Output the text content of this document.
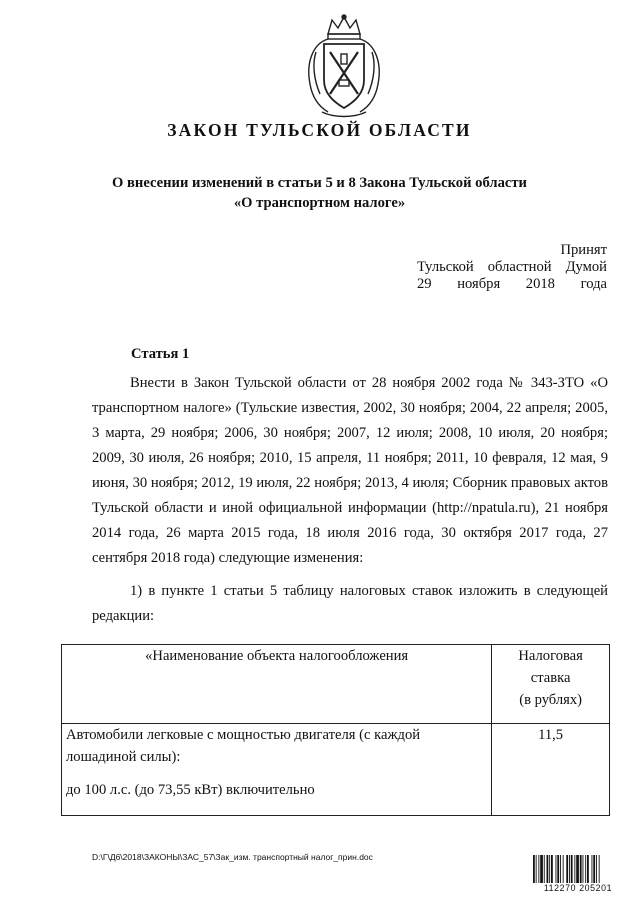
ЗАКОН ТУЛЬСКОЙ ОБЛАСТИ
О внесении изменений в статьи 5 и 8 Закона Тульской области
«О транспортном налоге»
Принят
Тульской областной Думой
29 ноября 2018 года
Статья 1
Внести в Закон Тульской области от 28 ноября 2002 года № 343-ЗТО «О транспортном налоге» (Тульские известия, 2002, 30 ноября; 2004, 22 апреля; 2005, 3 марта, 29 ноября; 2006, 30 ноября; 2007, 12 июля; 2008, 10 июля, 20 ноября; 2009, 30 июля, 26 ноября; 2010, 15 апреля, 11 ноября; 2011, 10 февраля, 12 мая, 9 июня, 30 ноября; 2012, 19 июля, 22 ноября; 2013, 4 июля; Сборник правовых актов Тульской области и иной официальной информации (http://npatula.ru), 21 ноября 2014 года, 26 марта 2015 года, 18 июля 2016 года, 30 октября 2017 года, 27 сентября 2018 года) следующие изменения:
1) в пункте 1 статьи 5 таблицу налоговых ставок изложить в следующей редакции:
«Наименование объекта налогообложения	Налоговая
ставка
(в рублях)

Автомобили легковые с мощностью двигателя (с каждой лошадиной силы):
до 100 л.с. (до 73,55 кВт) включительно	11,5
D:\Г\Д6\2018\ЗАКОНЫ\ЗАС_57\Зак_изм. транспортный налог_прин.doc
112270 205201
